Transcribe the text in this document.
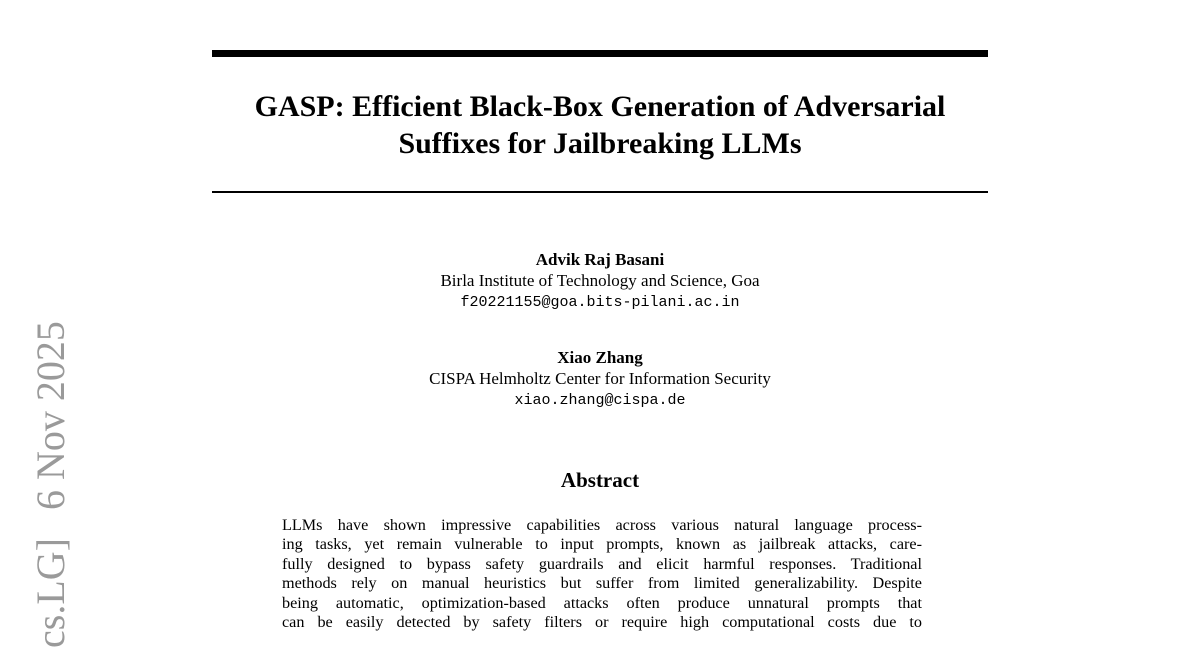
cs.LG] 6 Nov 2025
GASP: Efficient Black-Box Generation of Adversarial
Suffixes for Jailbreaking LLMs
Advik Raj Basani
Birla Institute of Technology and Science, Goa
f20221155@goa.bits-pilani.ac.in
Xiao Zhang
CISPA Helmholtz Center for Information Security
xiao.zhang@cispa.de
Abstract
LLMs have shown impressive capabilities across various natural language process-
ing tasks, yet remain vulnerable to input prompts, known as jailbreak attacks, care-
fully designed to bypass safety guardrails and elicit harmful responses. Traditional
methods rely on manual heuristics but suffer from limited generalizability. Despite
being automatic, optimization-based attacks often produce unnatural prompts that
can be easily detected by safety filters or require high computational costs due to
